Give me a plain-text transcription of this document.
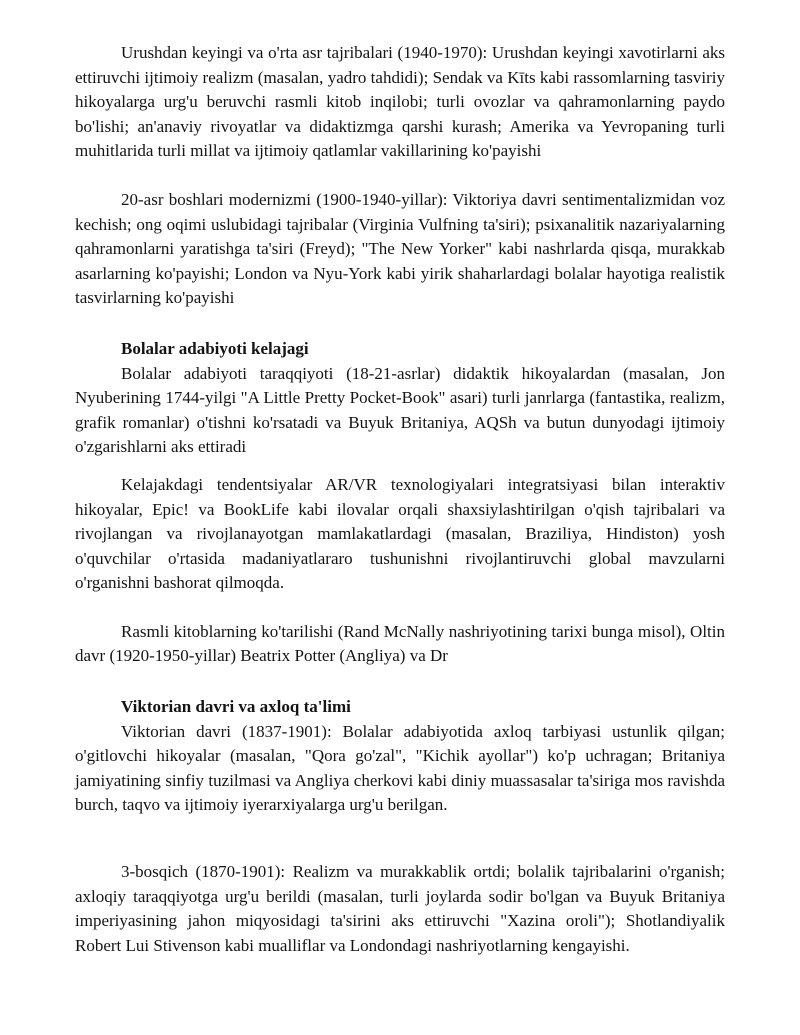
Urushdan keyingi va o'rta asr tajribalari (1940-1970): Urushdan keyingi xavotirlarni aks ettiruvchi ijtimoiy realizm (masalan, yadro tahdidi); Sendak va Kīts kabi rassomlarning tasviriy hikoyalarga urg'u beruvchi rasmli kitob inqilobi; turli ovozlar va qahramonlarning paydo bo'lishi; an'anaviy rivoyatlar va didaktizmga qarshi kurash; Amerika va Yevropaning turli muhitlarida turli millat va ijtimoiy qatlamlar vakillarining ko'payishi

20-asr boshlari modernizmi (1900-1940-yillar): Viktoriya davri sentimentalizmidan voz kechish; ong oqimi uslubidagi tajribalar (Virginia Vulfning ta'siri); psixanalitik nazariyalarning qahramonlarni yaratishga ta'siri (Freyd); "The New Yorker" kabi nashrlarda qisqa, murakkab asarlarning ko'payishi; London va Nyu-York kabi yirik shaharlardagi bolalar hayotiga realistik tasvirlarning ko'payishi

Bolalar adabiyoti kelajagi

Bolalar adabiyoti taraqqiyoti (18-21-asrlar) didaktik hikoyalardan (masalan, Jon Nyuberining 1744-yilgi "A Little Pretty Pocket-Book" asari) turli janrlarga (fantastika, realizm, grafik romanlar) o'tishni ko'rsatadi va Buyuk Britaniya, AQSh va butun dunyodagi ijtimoiy o'zgarishlarni aks ettiradi

Kelajakdagi tendentsiyalar AR/VR texnologiyalari integratsiyasi bilan interaktiv hikoyalar, Epic! va BookLife kabi ilovalar orqali shaxsiylashtirilgan o'qish tajribalari va rivojlangan va rivojlanayotgan mamlakatlardagi (masalan, Braziliya, Hindiston) yosh o'quvchilar o'rtasida madaniyatlararo tushunishni rivojlantiruvchi global mavzularni o'rganishni bashorat qilmoqda.

Rasmli kitoblarning ko'tarilishi (Rand McNally nashriyotining tarixi bunga misol), Oltin davr (1920-1950-yillar) Beatrix Potter (Angliya) va Dr

Viktorian davri va axloq ta'limi

Viktorian davri (1837-1901): Bolalar adabiyotida axloq tarbiyasi ustunlik qilgan; o'gitlovchi hikoyalar (masalan, "Qora go'zal", "Kichik ayollar") ko'p uchragan; Britaniya jamiyatining sinfiy tuzilmasi va Angliya cherkovi kabi diniy muassasalar ta'siriga mos ravishda burch, taqvo va ijtimoiy iyerarxiyalarga urg'u berilgan.

3-bosqich (1870-1901): Realizm va murakkablik ortdi; bolalik tajribalarini o'rganish; axloqiy taraqqiyotga urg'u berildi (masalan, turli joylarda sodir bo'lgan va Buyuk Britaniya imperiyasining jahon miqyosidagi ta'sirini aks ettiruvchi "Xazina oroli"); Shotlandiyalik Robert Lui Stivenson kabi mualliflar va Londondagi nashriyotlarning kengayishi.
